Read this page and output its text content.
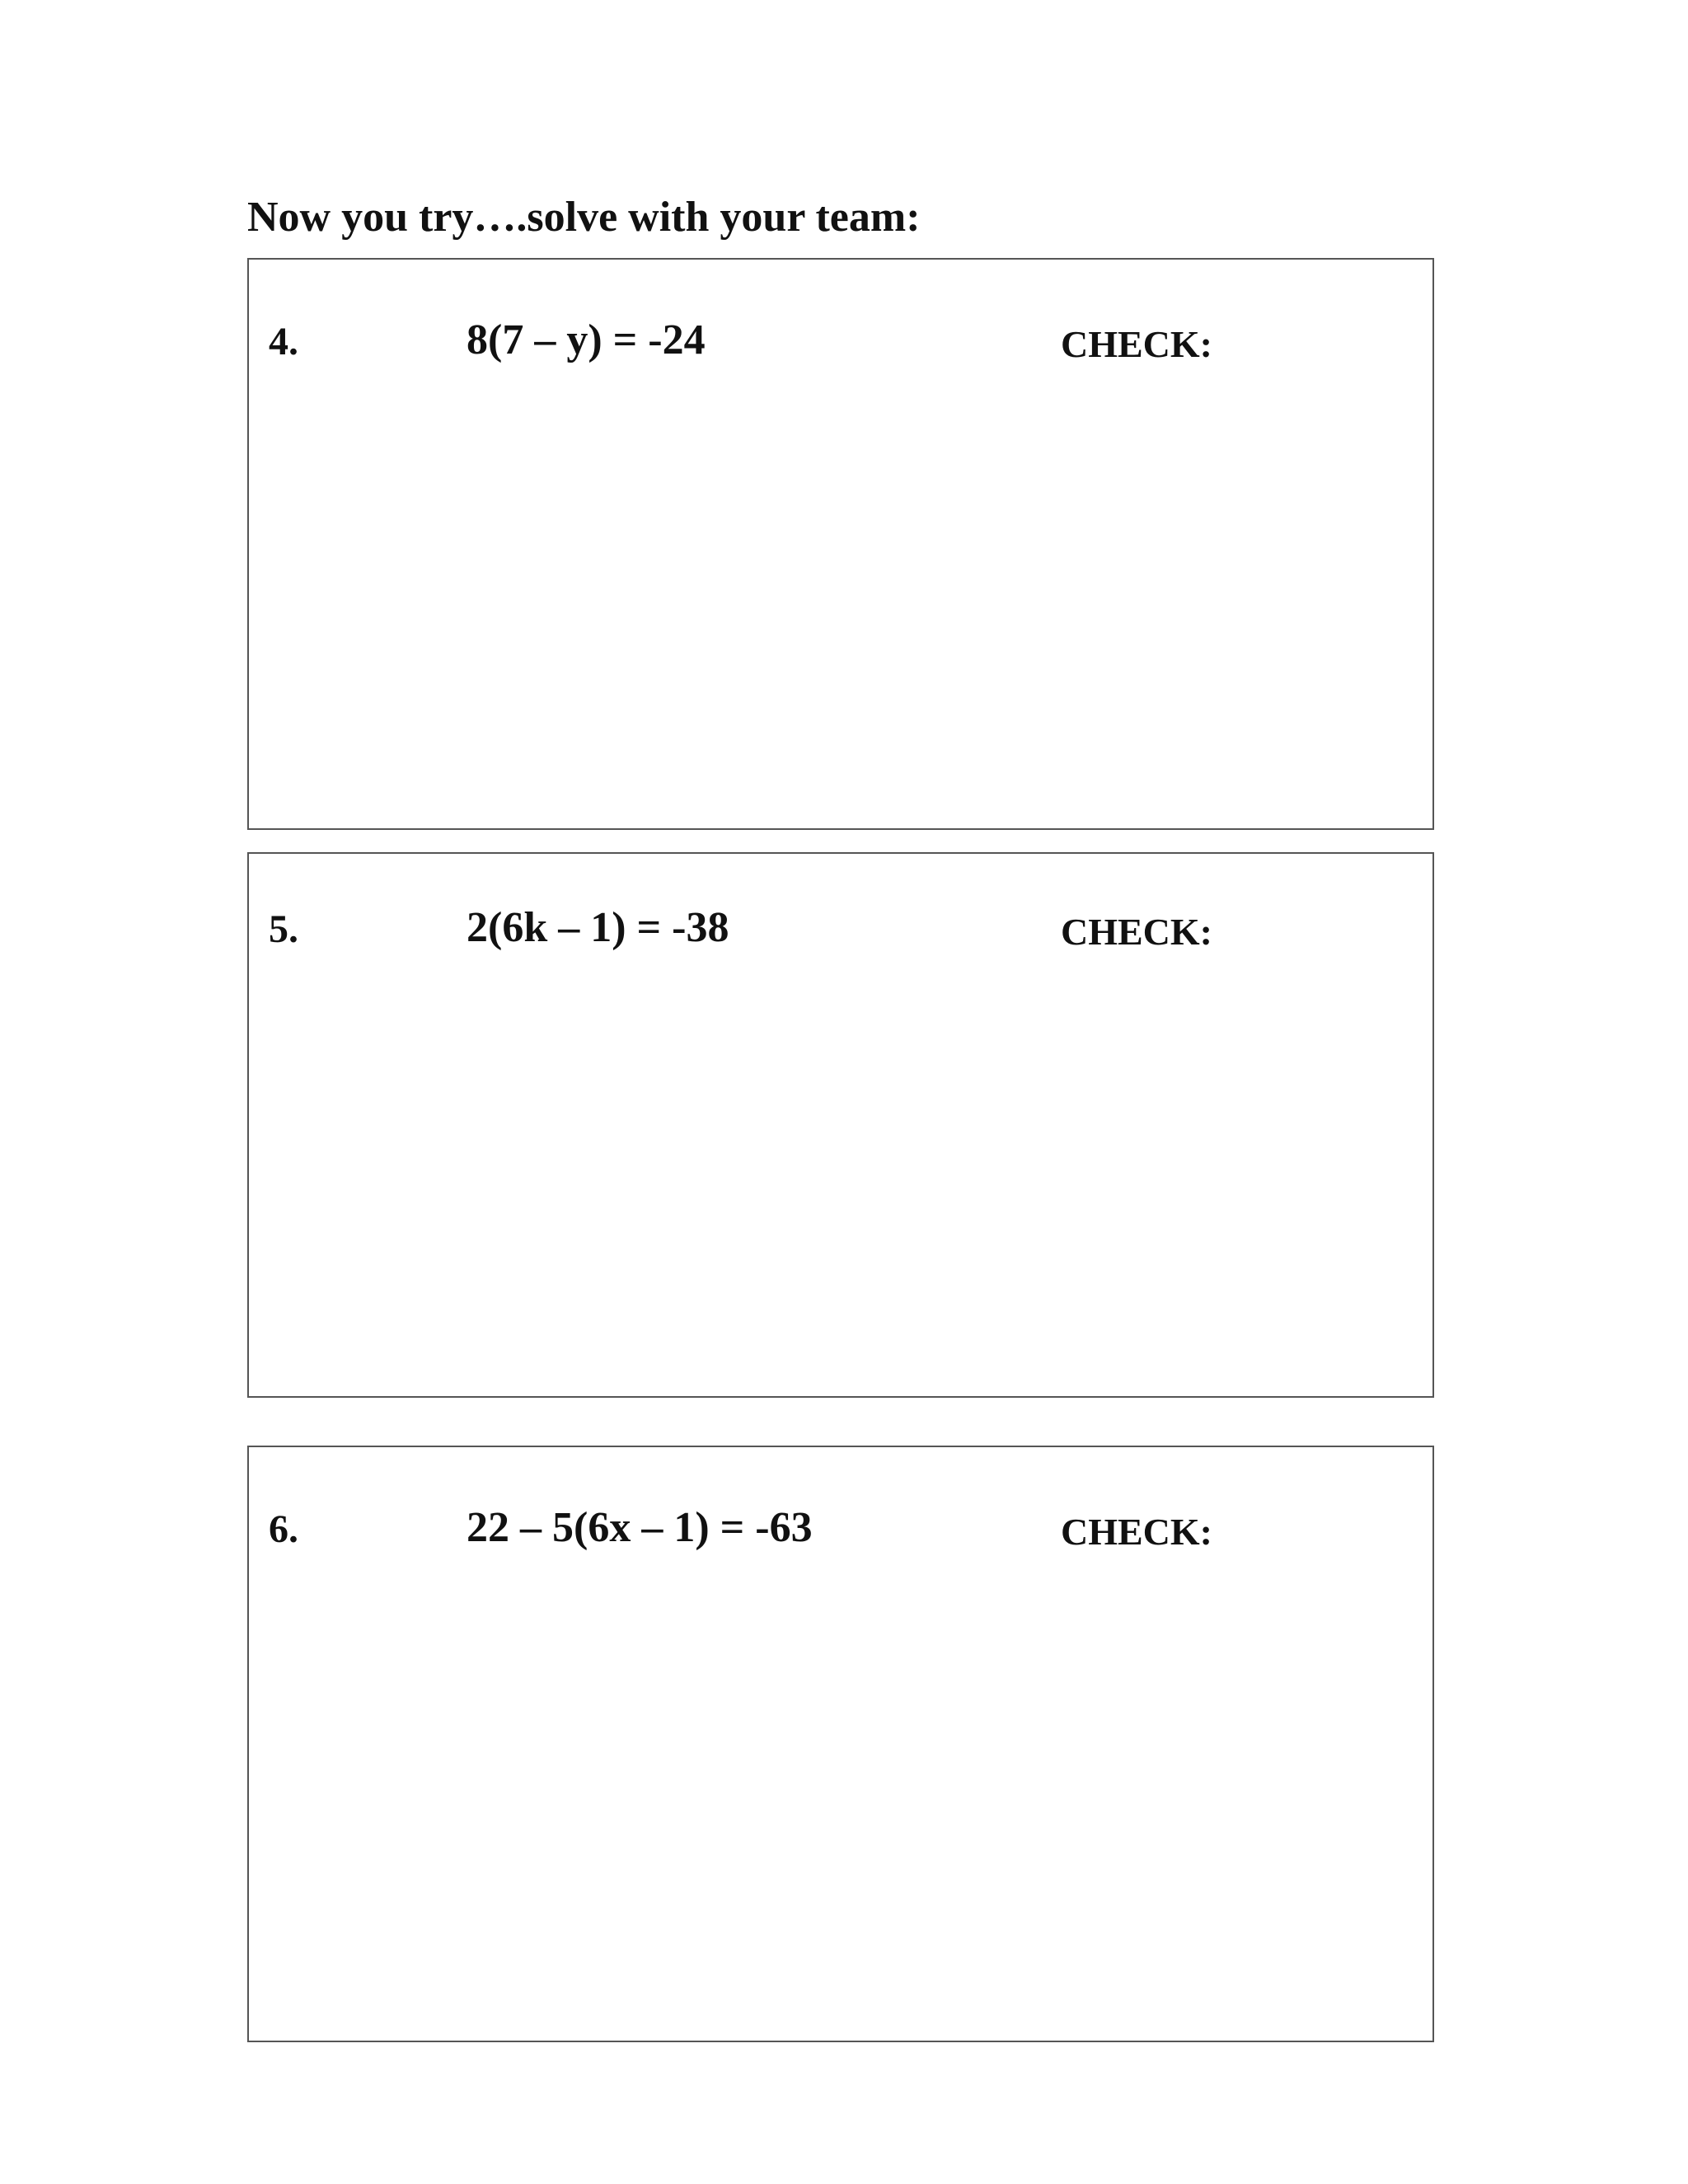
Now you try….solve with your team:
4.	8(7 – y) = -24	CHECK:
5.	2(6k – 1) = -38	CHECK:
6.	22 – 5(6x – 1) = -63	CHECK:
